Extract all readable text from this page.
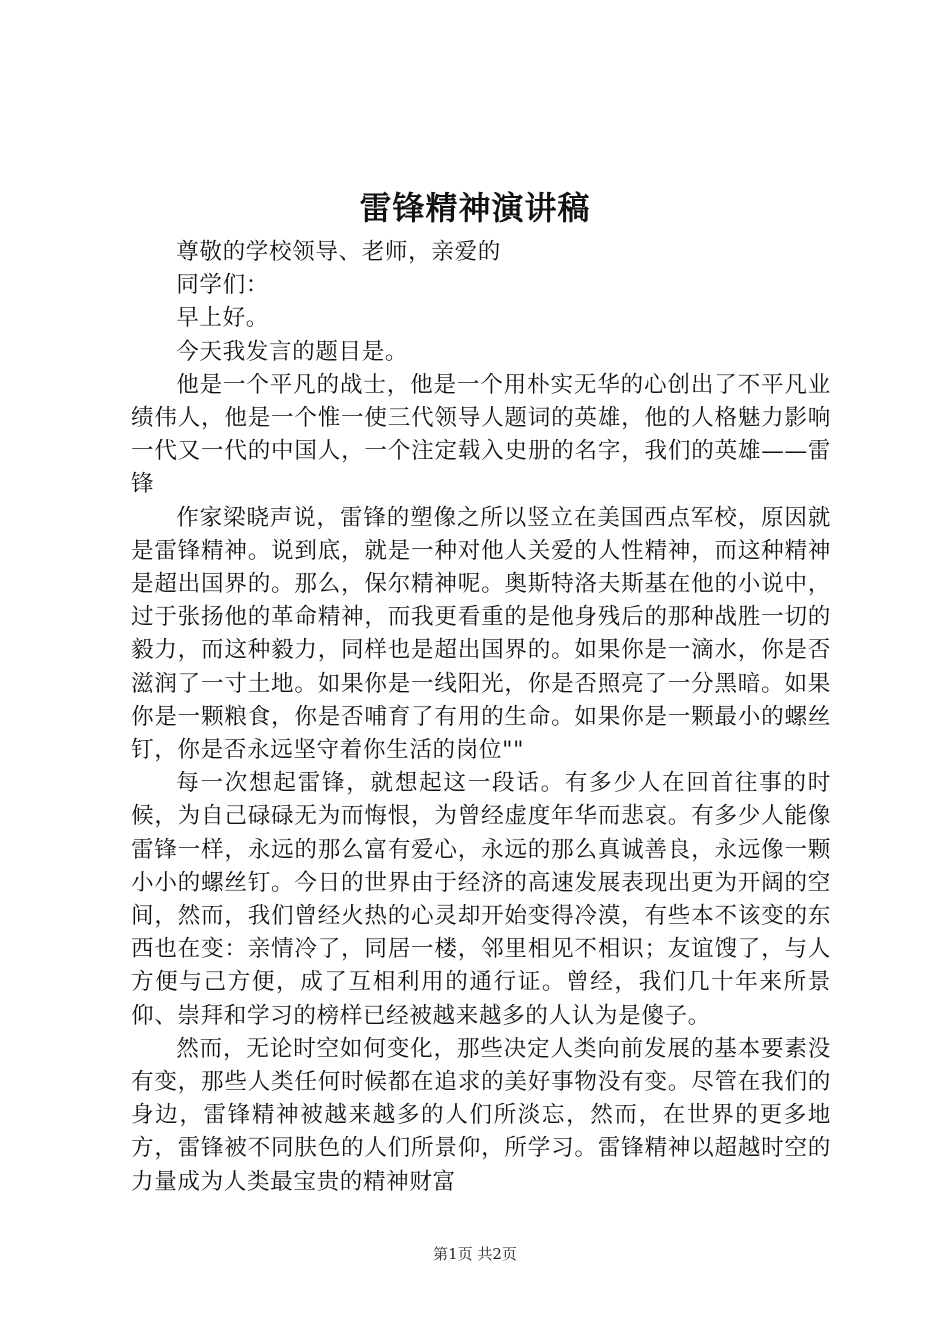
雷锋精神演讲稿

尊敬的学校领导、老师，亲爱的

同学们：

早上好。

今天我发言的题目是。

他是一个平凡的战士，他是一个用朴实无华的心创出了不平凡业绩伟人，他是一个惟一使三代领导人题词的英雄，他的人格魅力影响一代又一代的中国人，一个注定载入史册的名字，我们的英雄——雷锋

作家梁晓声说，雷锋的塑像之所以竖立在美国西点军校，原因就是雷锋精神。说到底，就是一种对他人关爱的人性精神，而这种精神是超出国界的。那么，保尔精神呢。奥斯特洛夫斯基在他的小说中，过于张扬他的革命精神，而我更看重的是他身残后的那种战胜一切的毅力，而这种毅力，同样也是超出国界的。如果你是一滴水，你是否滋润了一寸土地。如果你是一线阳光，你是否照亮了一分黑暗。如果你是一颗粮食，你是否哺育了有用的生命。如果你是一颗最小的螺丝钉，你是否永远坚守着你生活的岗位""

每一次想起雷锋，就想起这一段话。有多少人在回首往事的时候，为自己碌碌无为而悔恨，为曾经虚度年华而悲哀。有多少人能像雷锋一样，永远的那么富有爱心，永远的那么真诚善良，永远像一颗小小的螺丝钉。今日的世界由于经济的高速发展表现出更为开阔的空间，然而，我们曾经火热的心灵却开始变得冷漠，有些本不该变的东西也在变：亲情冷了，同居一楼，邻里相见不相识；友谊馊了，与人方便与己方便，成了互相利用的通行证。曾经，我们几十年来所景仰、崇拜和学习的榜样已经被越来越多的人认为是傻子。

然而，无论时空如何变化，那些决定人类向前发展的基本要素没有变，那些人类任何时候都在追求的美好事物没有变。尽管在我们的身边，雷锋精神被越来越多的人们所淡忘，然而，在世界的更多地方，雷锋被不同肤色的人们所景仰，所学习。雷锋精神以超越时空的力量成为人类最宝贵的精神财富

第1页 共2页
